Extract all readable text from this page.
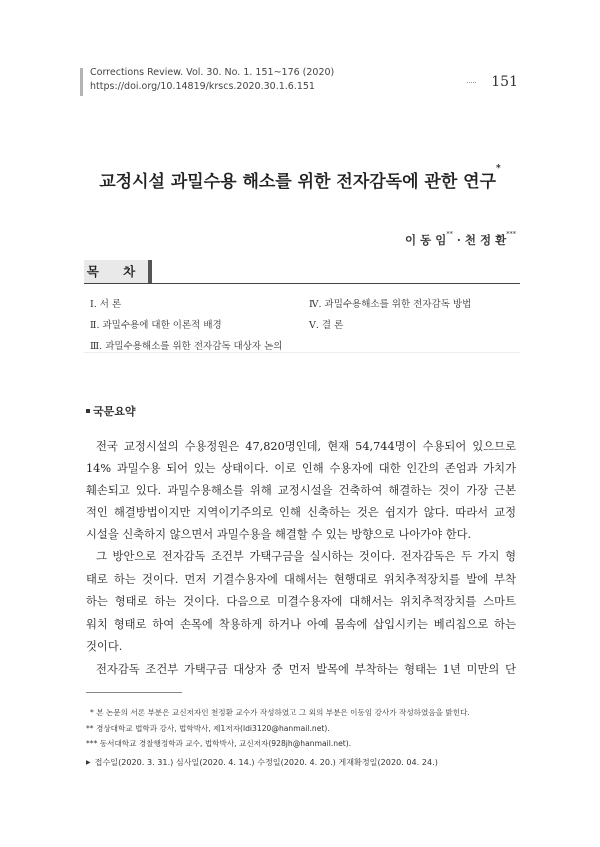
Corrections Review. Vol. 30. No. 1. 151~176 (2020)
https://doi.org/10.14819/krscs.2020.30.1.6.151	151
교정시설 과밀수용 해소를 위한 전자감독에 관한 연구*
이 동 임** · 천 정 환***
목 차
Ⅰ. 서 론
Ⅱ. 과밀수용에 대한 이론적 배경
Ⅲ. 과밀수용해소를 위한 전자감독 대상자 논의
Ⅳ. 과밀수용해소를 위한 전자감독 방법
Ⅴ. 결 론
국문요약

전국 교정시설의 수용정원은 47,820명인데, 현재 54,744명이 수용되어 있으므로

14% 과밀수용 되어 있는 상태이다. 이로 인해 수용자에 대한 인간의 존엄과 가치가

훼손되고 있다. 과밀수용해소를 위해 교정시설을 건축하여 해결하는 것이 가장 근본

적인 해결방법이지만 지역이기주의로 인해 신축하는 것은 쉽지가 않다. 따라서 교정

시설을 신축하지 않으면서 과밀수용을 해결할 수 있는 방향으로 나아가야 한다.

그 방안으로 전자감독 조건부 가택구금을 실시하는 것이다. 전자감독은 두 가지 형

태로 하는 것이다. 먼저 기결수용자에 대해서는 현행대로 위치추적장치를 발에 부착

하는 형태로 하는 것이다. 다음으로 미결수용자에 대해서는 위치추적장치를 스마트

워치 형태로 하여 손목에 착용하게 하거나 아예 몸속에 삽입시키는 베리칩으로 하는

것이다.

전자감독 조건부 가택구금 대상자 중 먼저 발목에 부착하는 형태는 1년 미만의 단

* 본 논문의 서론 부분은 교신저자인 천정환 교수가 작성하였고 그 외의 부분은 이동임 강사가 작성하였음을 밝힌다.
** 경상대학교 법학과 강사, 법학박사, 제1저자(ldi3120@hanmail.net).
*** 동서대학교 경찰행정학과 교수, 법학박사, 교신저자(928jh@hanmail.net).
▶ 접수일(2020. 3. 31.) 심사일(2020. 4. 14.) 수정일(2020. 4. 20.) 게재확정일(2020. 04. 24.)
